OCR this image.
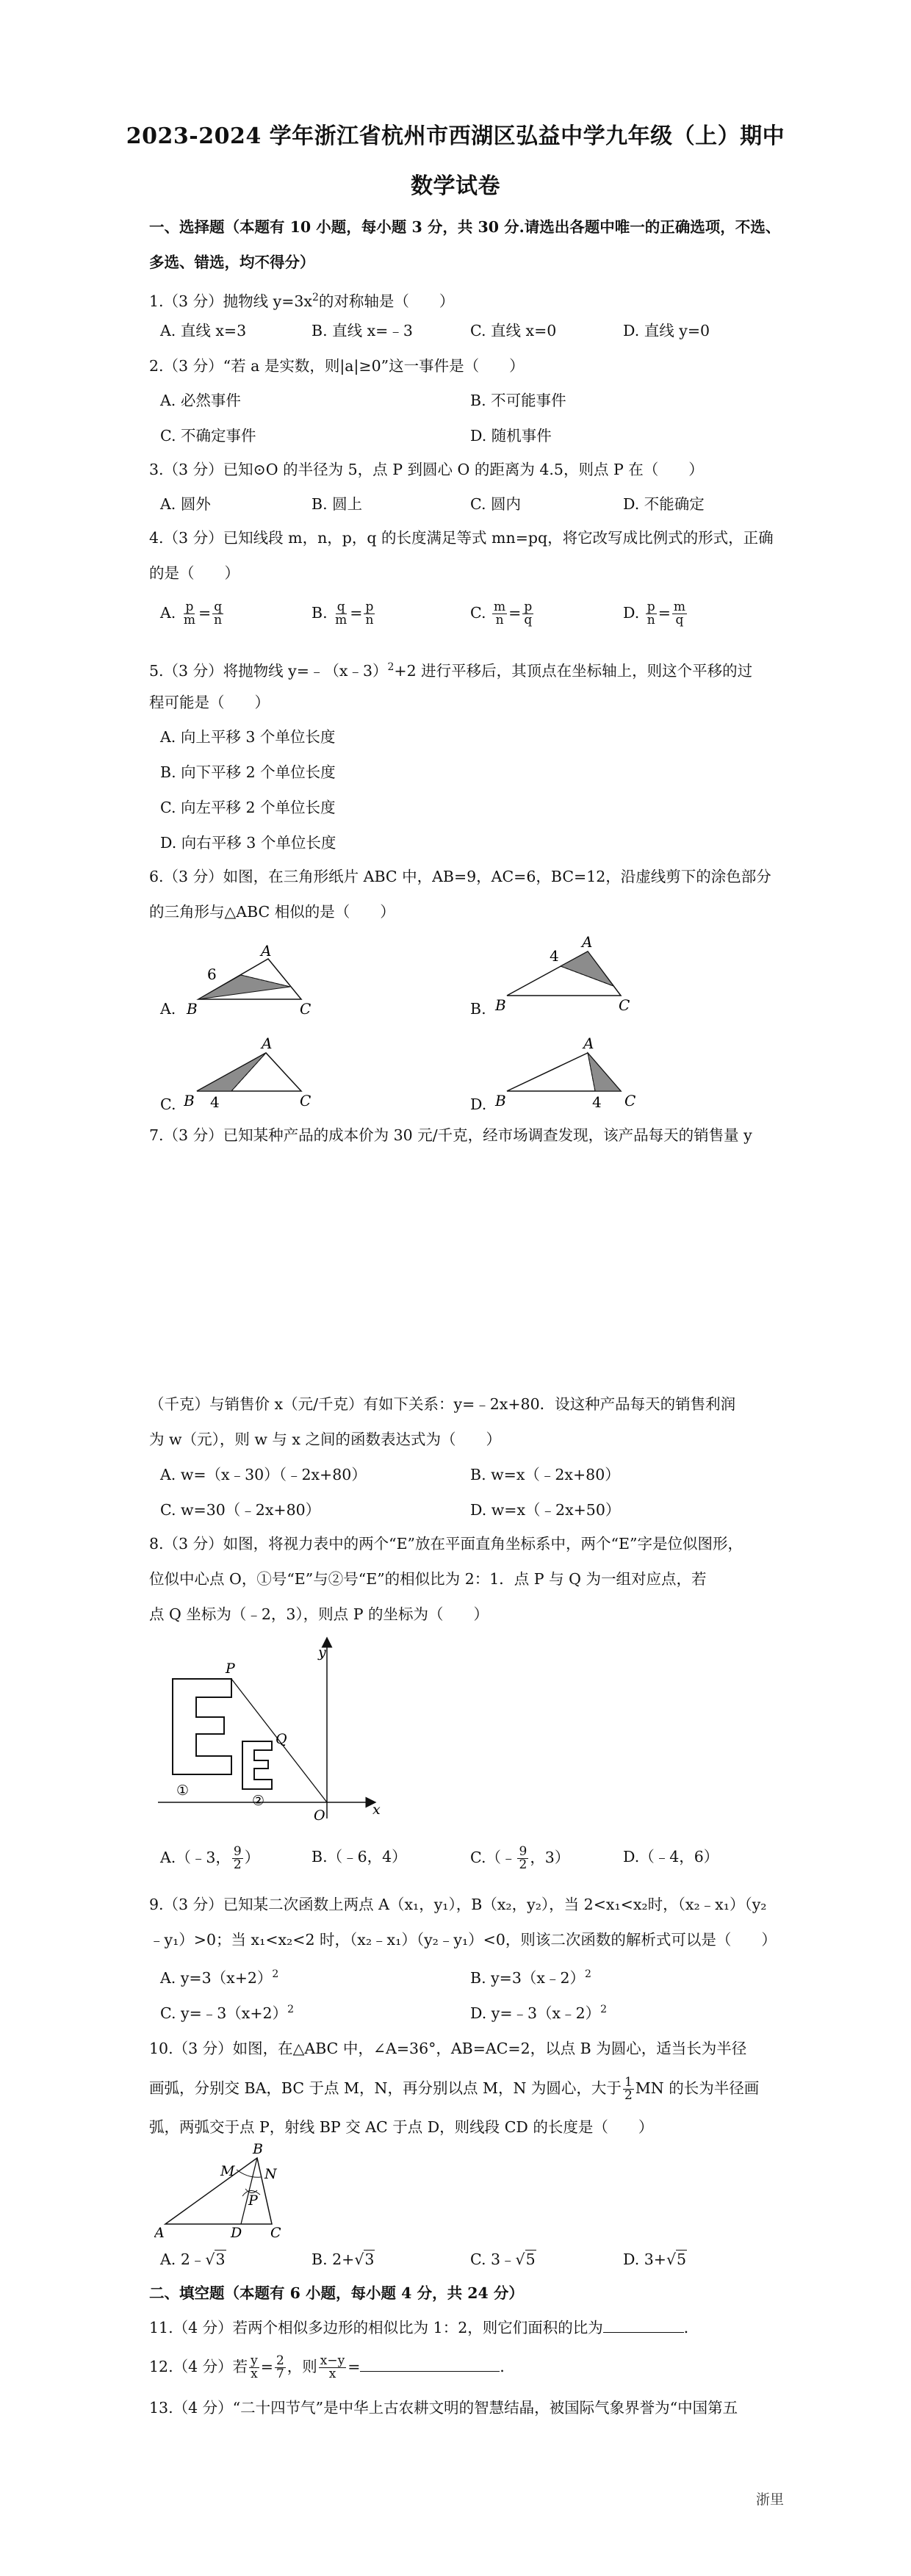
2023-2024 学年浙江省杭州市西湖区弘益中学九年级（上）期中
数学试卷
一、选择题（本题有 10 小题，每小题 3 分，共 30 分.请选出各题中唯一的正确选项，不选、
多选、错选，均不得分）
1.（3 分）抛物线 $y=3x^2$的对称轴是（　　）
A. 直线 x=3	B. 直线 x=﹣3	C. 直线 x=0	D. 直线 y=0
2.（3 分）“若 a 是实数，则|a|≥0”这一事件是（　　）
A. 必然事件	B. 不可能事件
C. 不确定事件	D. 随机事件
3.（3 分）已知⊙O 的半径为 5，点 P 到圆心 O 的距离为 4.5，则点 P 在（　　）
A. 圆外	B. 圆上	C. 圆内	D. 不能确定
4.（3 分）已知线段 m，n，p，q 的长度满足等式 mn=pq，将它改写成比例式的形式，正确
的是（　　）
A. $\frac{p}{m} = \frac{q}{n}$	B. $\frac{q}{m} = \frac{p}{n}$	C. $\frac{m}{n} = \frac{p}{q}$	D. $\frac{p}{n} = \frac{m}{q}$
5.（3 分）将抛物线 y=﹣（x﹣3）$^2$+2 进行平移后，其顶点在坐标轴上，则这个平移的过
程可能是（　　）
A. 向上平移 3 个单位长度
B. 向下平移 2 个单位长度
C. 向左平移 2 个单位长度
D. 向右平移 3 个单位长度
6.（3 分）如图，在三角形纸片 ABC 中，AB=9，AC=6，BC=12，沿虚线剪下的涂色部分
的三角形与△ABC 相似的是（　　）
A.
A
B	C
6
B.
A
B	C
4
C.
A
B	C
4	D.
A
B	C
4
7.（3 分）已知某种产品的成本价为 30 元/千克，经市场调查发现，该产品每天的销售量 y
（千克）与销售价 x（元/千克）有如下关系：y=﹣2x+80．设这种产品每天的销售利润
为 w（元），则 w 与 x 之间的函数表达式为（　　）
A. w=（x﹣30）（﹣2x+80）	B. w=x（﹣2x+80）
C. w=30（﹣2x+80）	D. w=x（﹣2x+50）
8.（3 分）如图，将视力表中的两个“E”放在平面直角坐标系中，两个“E”字是位似图形，
位似中心点 O，①号“E”与②号“E”的相似比为 2：1．点 P 与 Q 为一组对应点，若
点 Q 坐标为（﹣2，3），则点 P 的坐标为（　　）
P
Q
y
x
O
①
②
A.（﹣3， $\frac{9}{2}$ ）	B.（﹣6，4）	C.（﹣ $\frac{9}{2}$ ，3）	D.（﹣4，6）
9.（3 分）已知某二次函数上两点 A（x₁，y₁），B（x₂，y₂），当 2<x₁<x₂时，（x₂﹣x₁）（y₂
﹣y₁）>0；当 x₁<x₂<2 时，（x₂﹣x₁）（y₂﹣y₁）<0，则该二次函数的解析式可以是（　　）
A. $y=3(x+2)^2$	B. y=3（x﹣2）$^2$
C. $y=﹣3(x+2)^2$	D. y=﹣3（x﹣2）$^2$
10.（3 分）如图，在△ABC 中，∠A=36°，AB=AC=2，以点 B 为圆心，适当长为半径
画弧，分别交 BA，BC 于点 M，N，再分别以点 M，N 为圆心，大于 $\frac{1}{2}$ MN 的长为半径画
弧，两弧交于点 P，射线 BP 交 AC 于点 D，则线段 CD 的长度是（　　）
B
M N
P
A	D C
A. 2﹣√3	B. 2+√3	C. 3﹣√5	D. 3+√5
二、填空题（本题有 6 小题，每小题 4 分，共 24 分）
11.（4 分）若两个相似多边形的相似比为 1：2，则它们面积的比为	．
12.（4 分）若 $\frac{y}{x} = \frac{2}{7}$ ，则 $\frac{x-y}{x}$ =	．
13.（4 分）“二十四节气”是中华上古农耕文明的智慧结晶，被国际气象界誉为“中国第五
浙里
